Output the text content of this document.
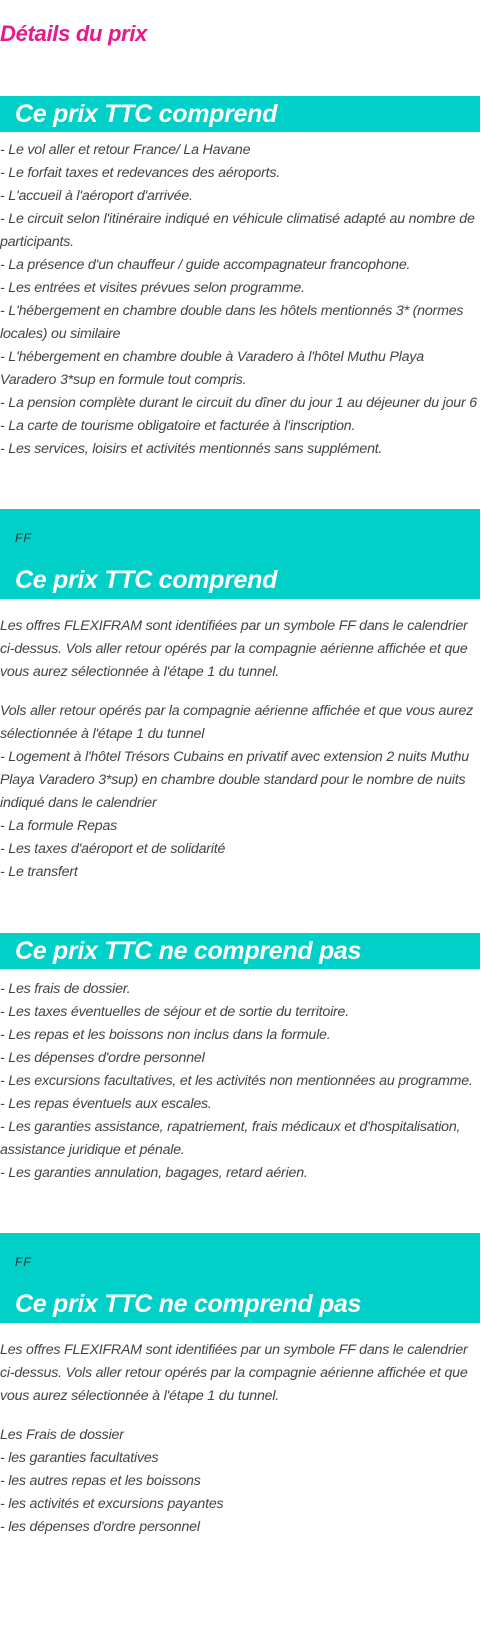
Détails du prix
Ce prix TTC comprend
- Le vol aller et retour France/ La Havane
- Le forfait taxes et redevances des aéroports.
- L'accueil à l'aéroport d'arrivée.
- Le circuit selon l'itinéraire indiqué en véhicule climatisé adapté au nombre de participants.
- La présence d'un chauffeur / guide accompagnateur francophone.
- Les entrées et visites prévues selon programme.
- L'hébergement en chambre double dans les hôtels mentionnés 3* (normes locales) ou similaire
- L'hébergement en chambre double à Varadero à l'hôtel Muthu Playa Varadero 3*sup en formule tout compris.
- La pension complète durant le circuit du dîner du jour 1 au déjeuner du jour 6
- La carte de tourisme obligatoire et facturée à l'inscription.
- Les services, loisirs et activités mentionnés sans supplément.
FF
Ce prix TTC comprend

Les offres FLEXIFRAM sont identifiées par un symbole FF dans le calendrier ci-dessus. Vols aller retour opérés par la compagnie aérienne affichée et que vous aurez sélectionnée à l'étape 1 du tunnel.

Vols aller retour opérés par la compagnie aérienne affichée et que vous aurez sélectionnée à l'étape 1 du tunnel
- Logement à l'hôtel Trésors Cubains en privatif avec extension 2 nuits Muthu Playa Varadero 3*sup) en chambre double standard pour le nombre de nuits indiqué dans le calendrier
- La formule Repas
- Les taxes d'aéroport et de solidarité
- Le transfert
Ce prix TTC ne comprend pas
- Les frais de dossier.
- Les taxes éventuelles de séjour et de sortie du territoire.
- Les repas et les boissons non inclus dans la formule.
- Les dépenses d'ordre personnel
- Les excursions facultatives, et les activités non mentionnées au programme.
- Les repas éventuels aux escales.
- Les garanties assistance, rapatriement, frais médicaux et d'hospitalisation, assistance juridique et pénale.
- Les garanties annulation, bagages, retard aérien.
FF
Ce prix TTC ne comprend pas

Les offres FLEXIFRAM sont identifiées par un symbole FF dans le calendrier ci-dessus. Vols aller retour opérés par la compagnie aérienne affichée et que vous aurez sélectionnée à l'étape 1 du tunnel.

Les Frais de dossier
- les garanties facultatives
- les autres repas et les boissons
- les activités et excursions payantes
- les dépenses d'ordre personnel
